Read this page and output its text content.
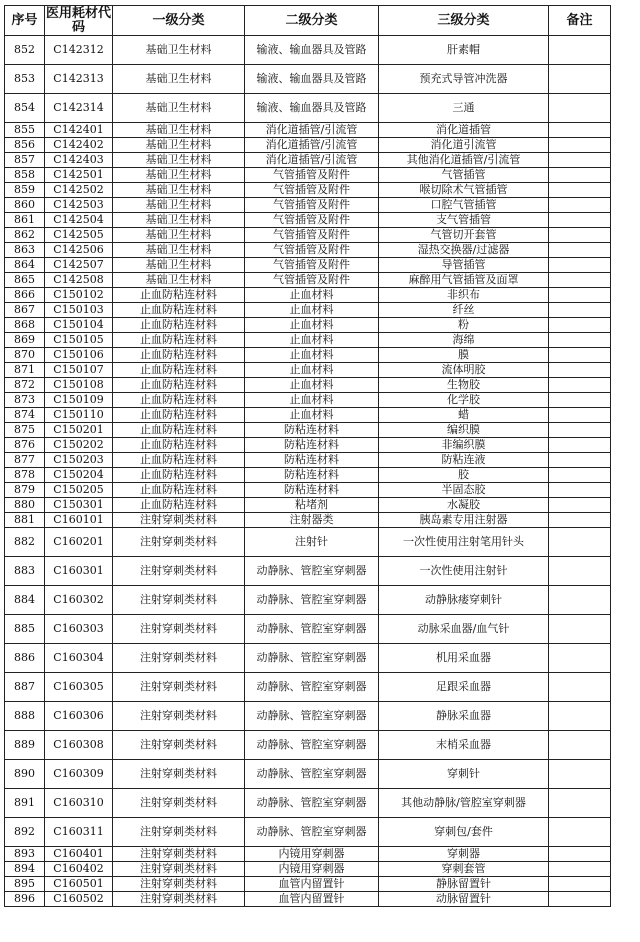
序号	医用耗材代码	一级分类	二级分类	三级分类	备注
852	C142312	基础卫生材料	输液、输血器具及管路	肝素帽	
853	C142313	基础卫生材料	输液、输血器具及管路	预充式导管冲洗器	
854	C142314	基础卫生材料	输液、输血器具及管路	三通	
855	C142401	基础卫生材料	消化道插管/引流管	消化道插管	
856	C142402	基础卫生材料	消化道插管/引流管	消化道引流管	
857	C142403	基础卫生材料	消化道插管/引流管	其他消化道插管/引流管	
858	C142501	基础卫生材料	气管插管及附件	气管插管	
859	C142502	基础卫生材料	气管插管及附件	喉切除术气管插管	
860	C142503	基础卫生材料	气管插管及附件	口腔气管插管	
861	C142504	基础卫生材料	气管插管及附件	支气管插管	
862	C142505	基础卫生材料	气管插管及附件	气管切开套管	
863	C142506	基础卫生材料	气管插管及附件	湿热交换器/过滤器	
864	C142507	基础卫生材料	气管插管及附件	导管插管	
865	C142508	基础卫生材料	气管插管及附件	麻醉用气管插管及面罩	
866	C150102	止血防粘连材料	止血材料	非织布	
867	C150103	止血防粘连材料	止血材料	纤丝	
868	C150104	止血防粘连材料	止血材料	粉	
869	C150105	止血防粘连材料	止血材料	海绵	
870	C150106	止血防粘连材料	止血材料	膜	
871	C150107	止血防粘连材料	止血材料	流体明胶	
872	C150108	止血防粘连材料	止血材料	生物胶	
873	C150109	止血防粘连材料	止血材料	化学胶	
874	C150110	止血防粘连材料	止血材料	蜡	
875	C150201	止血防粘连材料	防粘连材料	编织膜	
876	C150202	止血防粘连材料	防粘连材料	非编织膜	
877	C150203	止血防粘连材料	防粘连材料	防粘连液	
878	C150204	止血防粘连材料	防粘连材料	胶	
879	C150205	止血防粘连材料	防粘连材料	半固态胶	
880	C150301	止血防粘连材料	粘堵剂	水凝胶	
881	C160101	注射穿刺类材料	注射器类	胰岛素专用注射器	
882	C160201	注射穿刺类材料	注射针	一次性使用注射笔用针头	
883	C160301	注射穿刺类材料	动静脉、管腔室穿刺器	一次性使用注射针	
884	C160302	注射穿刺类材料	动静脉、管腔室穿刺器	动静脉瘘穿刺针	
885	C160303	注射穿刺类材料	动静脉、管腔室穿刺器	动脉采血器/血气针	
886	C160304	注射穿刺类材料	动静脉、管腔室穿刺器	机用采血器	
887	C160305	注射穿刺类材料	动静脉、管腔室穿刺器	足跟采血器	
888	C160306	注射穿刺类材料	动静脉、管腔室穿刺器	静脉采血器	
889	C160308	注射穿刺类材料	动静脉、管腔室穿刺器	末梢采血器	
890	C160309	注射穿刺类材料	动静脉、管腔室穿刺器	穿刺针	
891	C160310	注射穿刺类材料	动静脉、管腔室穿刺器	其他动静脉/管腔室穿刺器	
892	C160311	注射穿刺类材料	动静脉、管腔室穿刺器	穿刺包/套件	
893	C160401	注射穿刺类材料	内镜用穿刺器	穿刺器	
894	C160402	注射穿刺类材料	内镜用穿刺器	穿刺套管	
895	C160501	注射穿刺类材料	血管内留置针	静脉留置针	
896	C160502	注射穿刺类材料	血管内留置针	动脉留置针	
